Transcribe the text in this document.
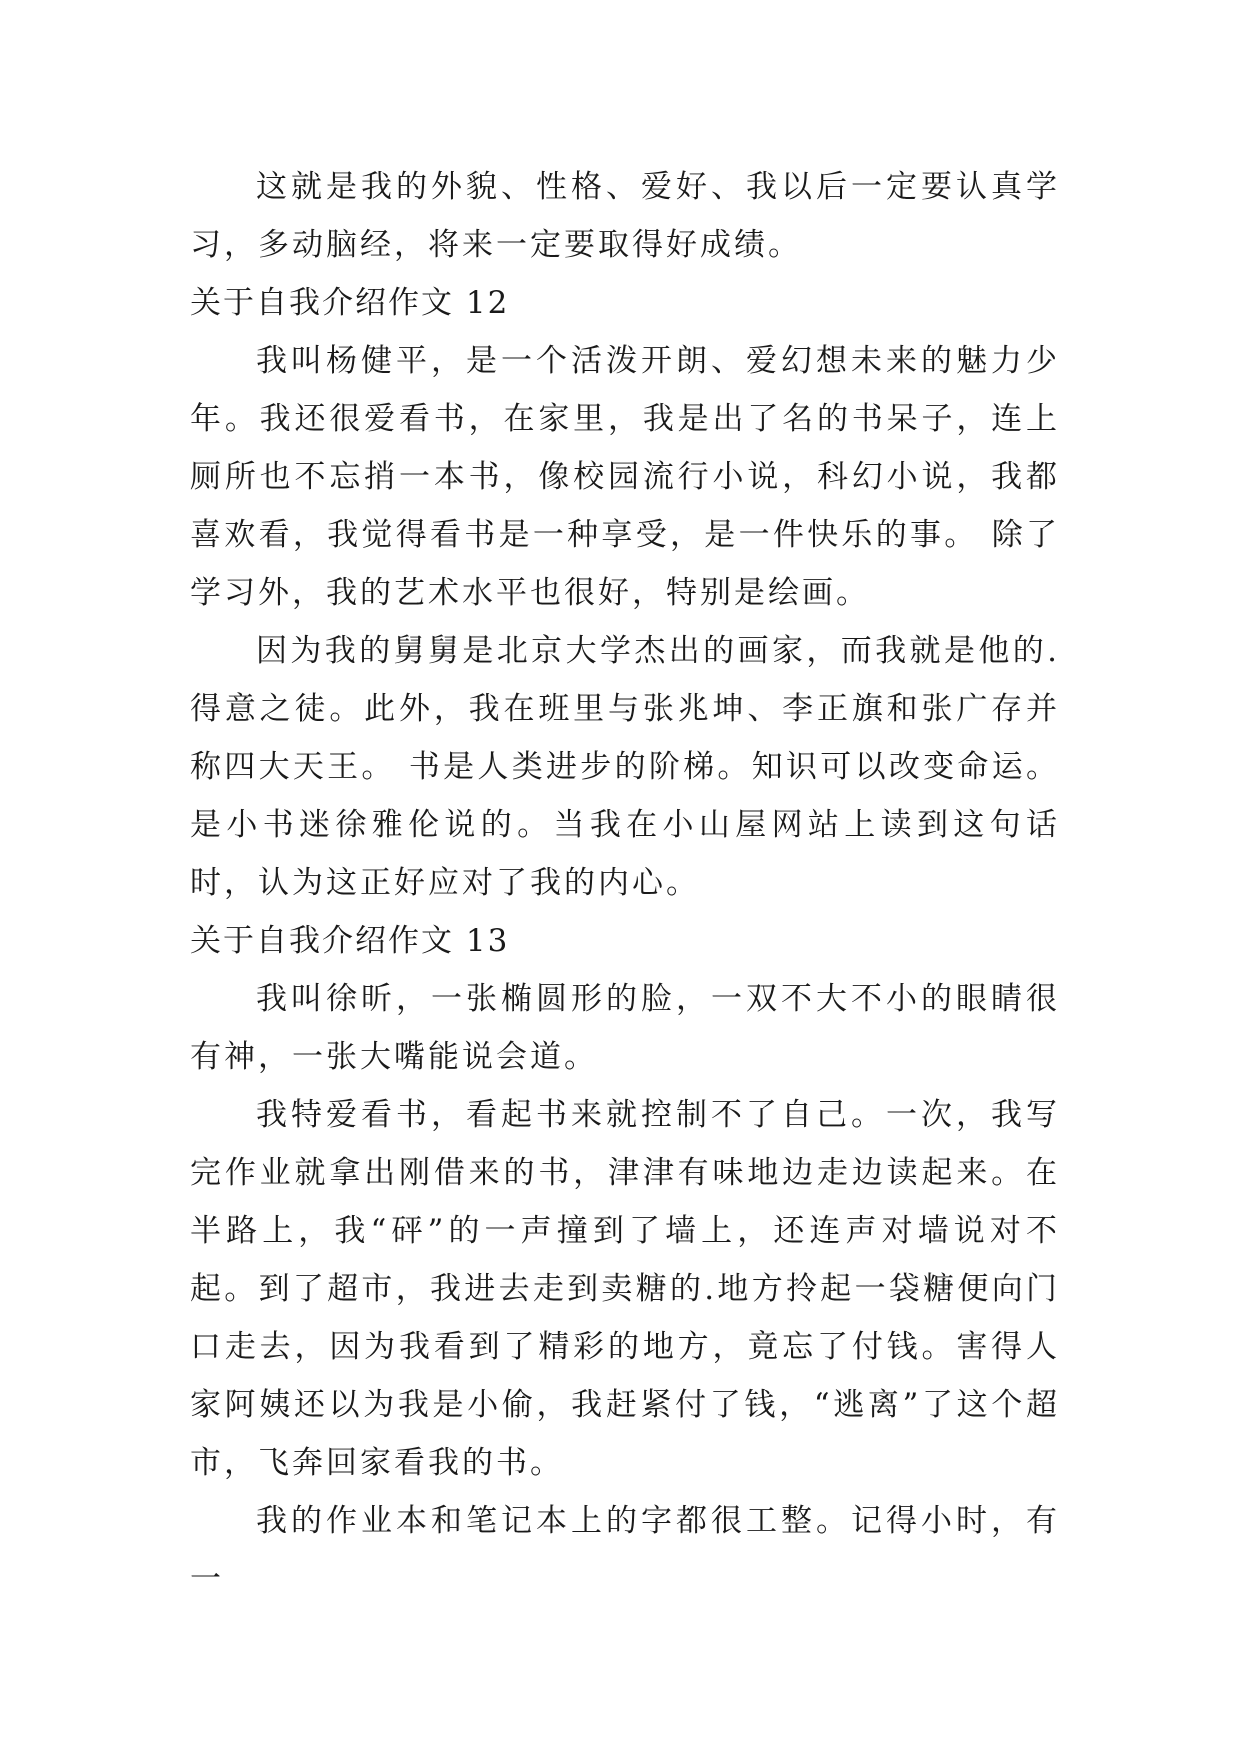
这就是我的外貌、性格、爱好、我以后一定要认真学习，多动脑经，将来一定要取得好成绩。

关于自我介绍作文 12

我叫杨健平，是一个活泼开朗、爱幻想未来的魅力少年。我还很爱看书，在家里，我是出了名的书呆子，连上厕所也不忘捎一本书，像校园流行小说，科幻小说，我都喜欢看，我觉得看书是一种享受，是一件快乐的事。 除了学习外，我的艺术水平也很好，特别是绘画。

因为我的舅舅是北京大学杰出的画家，而我就是他的.得意之徒。此外，我在班里与张兆坤、李正旗和张广存并称四大天王。 书是人类进步的阶梯。知识可以改变命运。是小书迷徐雅伦说的。当我在小山屋网站上读到这句话时，认为这正好应对了我的内心。

关于自我介绍作文 13

我叫徐昕，一张椭圆形的脸，一双不大不小的眼睛很有神，一张大嘴能说会道。

我特爱看书，看起书来就控制不了自己。一次，我写完作业就拿出刚借来的书，津津有味地边走边读起来。在半路上，我“砰”的一声撞到了墙上，还连声对墙说对不起。到了超市，我进去走到卖糖的.地方拎起一袋糖便向门口走去，因为我看到了精彩的地方，竟忘了付钱。害得人家阿姨还以为我是小偷，我赶紧付了钱，“逃离”了这个超市，飞奔回家看我的书。

我的作业本和笔记本上的字都很工整。记得小时，有一
